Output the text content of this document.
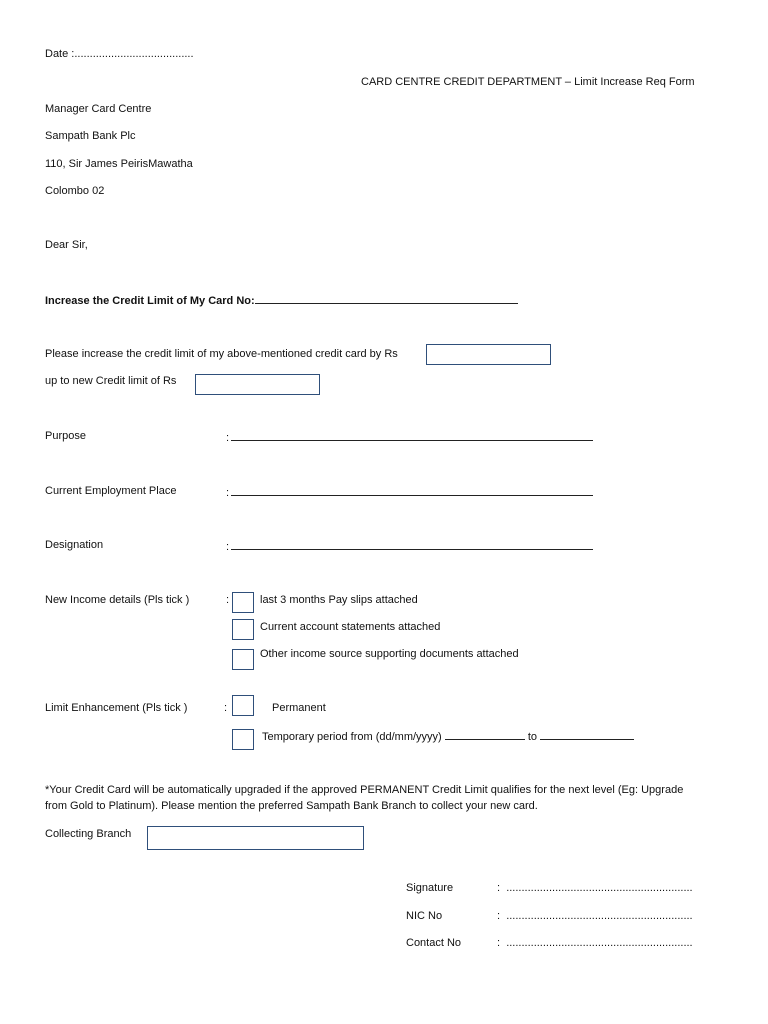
Date :.......................................
CARD CENTRE CREDIT DEPARTMENT – Limit Increase Req Form
Manager Card Centre
Sampath Bank Plc
110, Sir James PeirisMawatha
Colombo 02
Dear Sir,
Increase the Credit Limit of My Card No:
Please increase the credit limit of my above-mentioned credit card by Rs
up to new Credit limit of Rs
Purpose	:
Current Employment Place	:
Designation	:
New Income details (Pls tick )	:	last 3 months Pay slips attached
Current account statements attached
Other income source supporting documents attached
Limit Enhancement (Pls tick )	:	Permanent
Temporary period from (dd/mm/yyyy)	to
*Your Credit Card will be automatically upgraded if the approved PERMANENT Credit Limit qualifies for the next level (Eg: Upgrade
from Gold to Platinum). Please mention the preferred Sampath Bank Branch to collect your new card.
Collecting Branch
Signature	: .............................................................
NIC No	: .............................................................
Contact No	: .............................................................
